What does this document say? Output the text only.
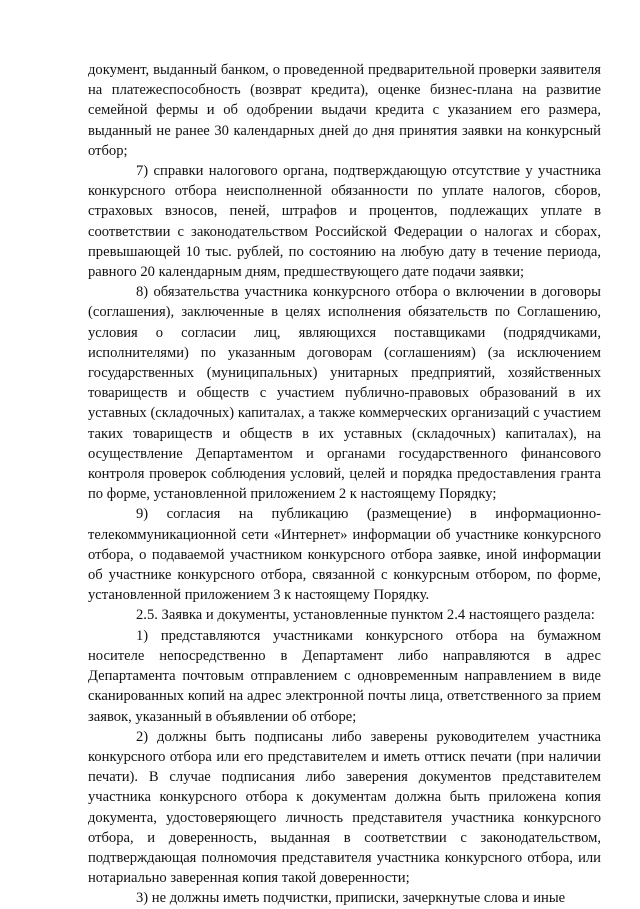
документ, выданный банком, о проведенной предварительной проверки заявителя на платежеспособность (возврат кредита), оценке бизнес-плана на развитие семейной фермы и об одобрении выдачи кредита с указанием его размера, выданный не ранее 30 календарных дней до дня принятия заявки на конкурсный отбор;

7) справки налогового органа, подтверждающую отсутствие у участника конкурсного отбора неисполненной обязанности по уплате налогов, сборов, страховых взносов, пеней, штрафов и процентов, подлежащих уплате в соответствии с законодательством Российской Федерации о налогах и сборах, превышающей 10 тыс. рублей, по состоянию на любую дату в течение периода, равного 20 календарным дням, предшествующего дате подачи заявки;

8) обязательства участника конкурсного отбора о включении в договоры (соглашения), заключенные в целях исполнения обязательств по Соглашению, условия о согласии лиц, являющихся поставщиками (подрядчиками, исполнителями) по указанным договорам (соглашениям) (за исключением государственных (муниципальных) унитарных предприятий, хозяйственных товариществ и обществ с участием публично-правовых образований в их уставных (складочных) капиталах, а также коммерческих организаций с участием таких товариществ и обществ в их уставных (складочных) капиталах), на осуществление Департаментом и органами государственного финансового контроля проверок соблюдения условий, целей и порядка предоставления гранта по форме, установленной приложением 2 к настоящему Порядку;

9) согласия на публикацию (размещение) в информационно-телекоммуникационной сети «Интернет» информации об участнике конкурсного отбора, о подаваемой участником конкурсного отбора заявке, иной информации об участнике конкурсного отбора, связанной с конкурсным отбором, по форме, установленной приложением 3 к настоящему Порядку.

2.5. Заявка и документы, установленные пунктом 2.4 настоящего раздела:

1) представляются участниками конкурсного отбора на бумажном носителе непосредственно в Департамент либо направляются в адрес Департамента почтовым отправлением с одновременным направлением в виде сканированных копий на адрес электронной почты лица, ответственного за прием заявок, указанный в объявлении об отборе;

2) должны быть подписаны либо заверены руководителем участника конкурсного отбора или его представителем и иметь оттиск печати (при наличии печати). В случае подписания либо заверения документов представителем участника конкурсного отбора к документам должна быть приложена копия документа, удостоверяющего личность представителя участника конкурсного отбора, и доверенность, выданная в соответствии с законодательством, подтверждающая полномочия представителя участника конкурсного отбора, или нотариально заверенная копия такой доверенности;

3) не должны иметь подчистки, приписки, зачеркнутые слова и иные
